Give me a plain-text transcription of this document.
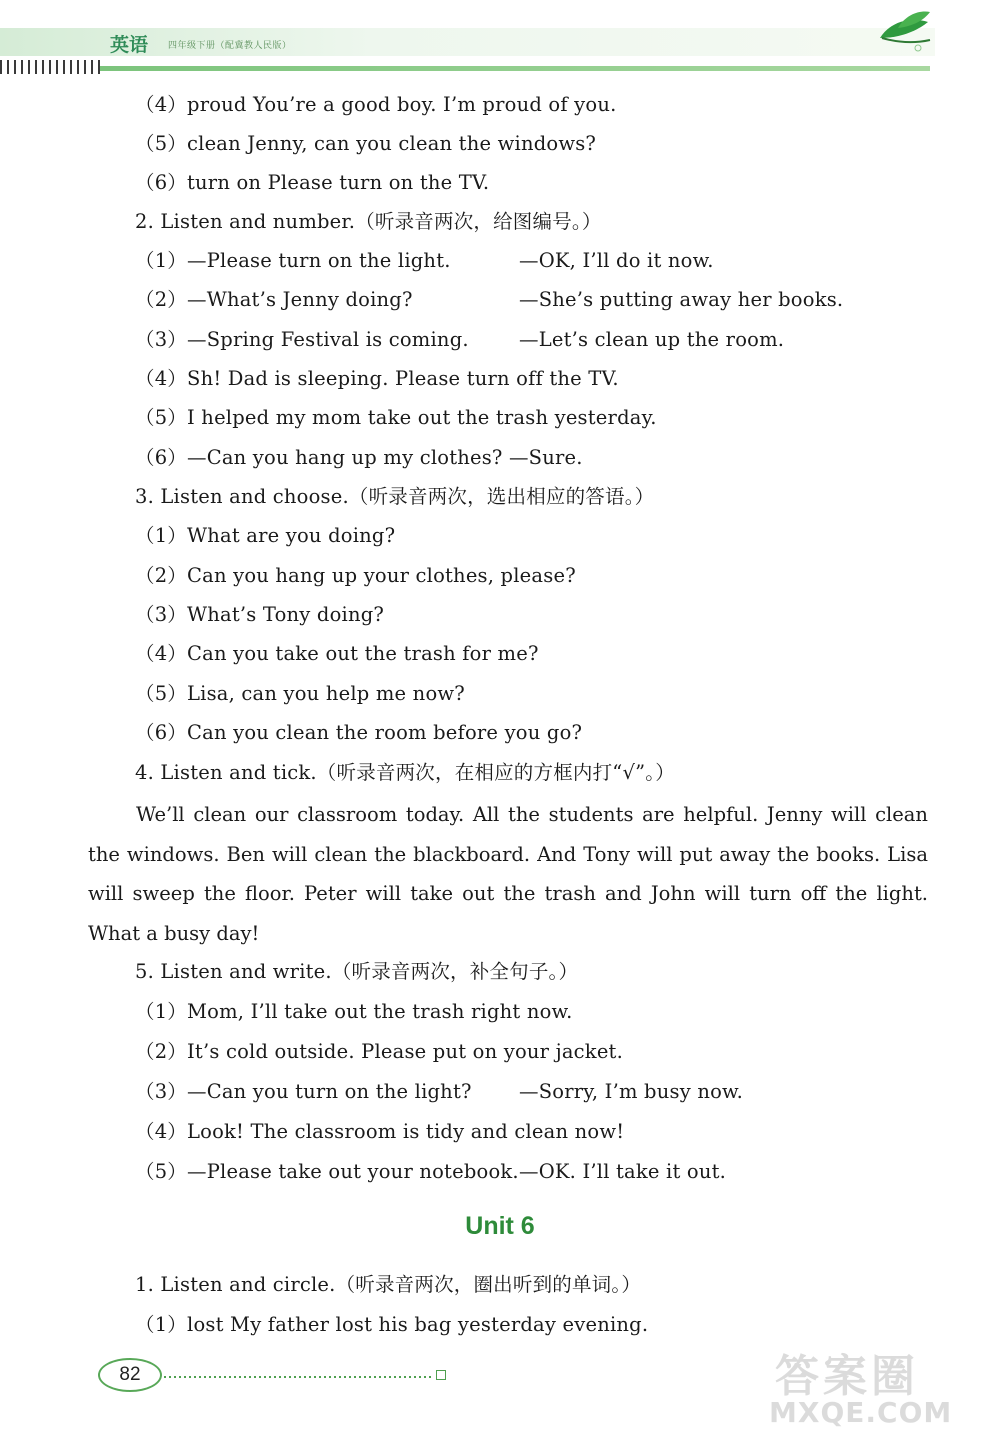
英语 四年级下册（配冀教人民版）
（4）proud You’re a good boy. I’m proud of you.
（5）clean Jenny, can you clean the windows?
（6）turn on Please turn on the TV.
2. Listen and number.（听录音两次，给图编号。）
（1）—Please turn on the light.	—OK, I’ll do it now.
（2）—What’s Jenny doing?	—She’s putting away her books.
（3）—Spring Festival is coming.	—Let’s clean up the room.
（4）Sh! Dad is sleeping. Please turn off the TV.
（5）I helped my mom take out the trash yesterday.
（6）—Can you hang up my clothes? —Sure.
3. Listen and choose.（听录音两次，选出相应的答语。）
（1）What are you doing?
（2）Can you hang up your clothes, please?
（3）What’s Tony doing?
（4）Can you take out the trash for me?
（5）Lisa, can you help me now?
（6）Can you clean the room before you go?
4. Listen and tick.（听录音两次，在相应的方框内打“√”。）
We’ll clean our classroom today. All the students are helpful. Jenny will clean the windows. Ben will clean the blackboard. And Tony will put away the books. Lisa will sweep the floor. Peter will take out the trash and John will turn off the light. What a busy day!
5. Listen and write.（听录音两次，补全句子。）
（1）Mom, I’ll take out the trash right now.
（2）It’s cold outside. Please put on your jacket.
（3）—Can you turn on the light? —Sorry, I’m busy now.
（4）Look! The classroom is tidy and clean now!
（5）—Please take out your notebook. —OK. I’ll take it out.
Unit 6
1. Listen and circle.（听录音两次，圈出听到的单词。）
（1）lost My father lost his bag yesterday evening.
82	答案圈
MXQE.COM
